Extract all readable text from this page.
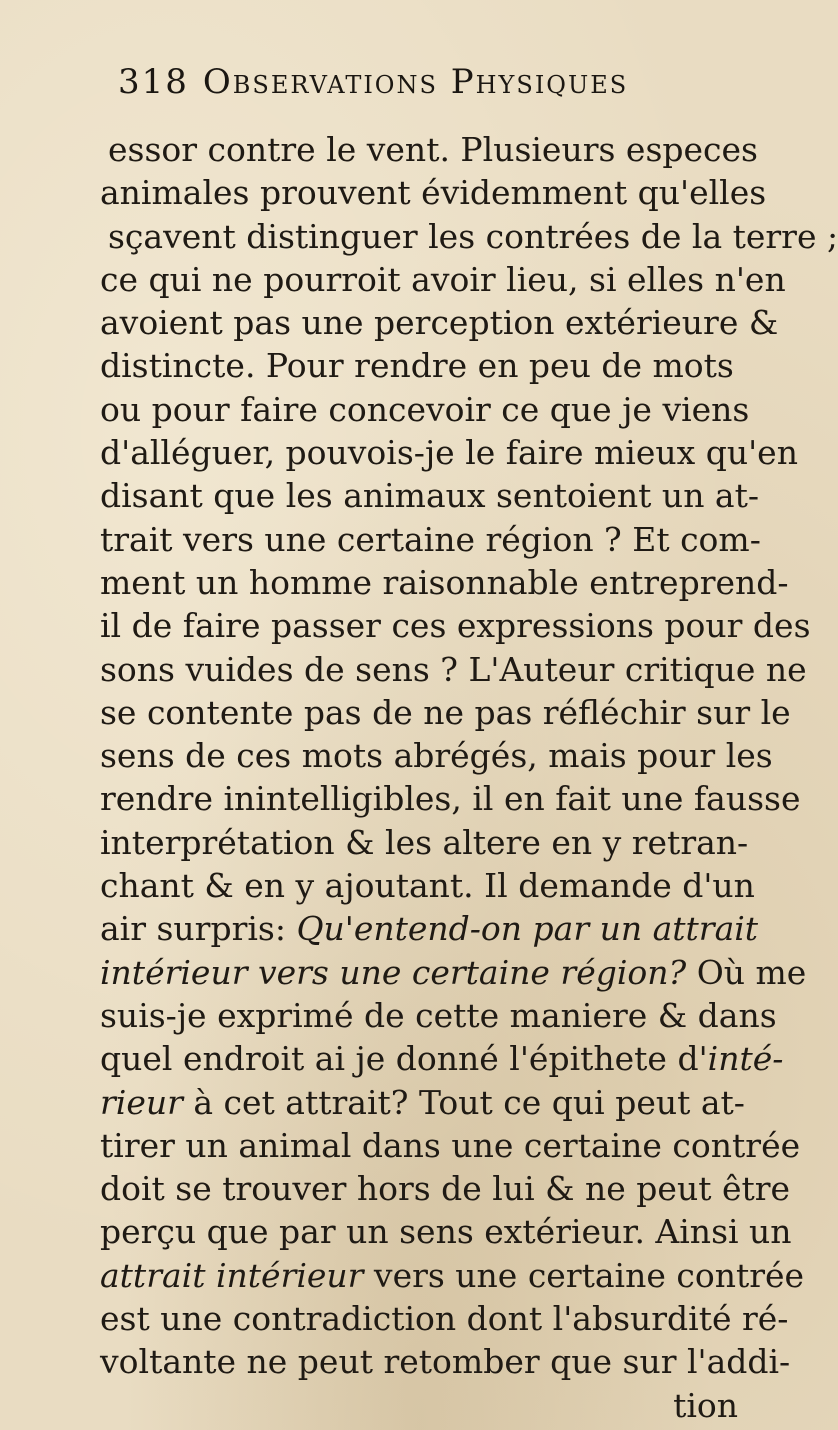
318 Observations Physiques
essor contre le vent. Plusieurs especes
animales prouvent évidemment qu'elles
sçavent distinguer les contrées de la terre ;
ce qui ne pourroit avoir lieu, si elles n'en
avoient pas une perception extérieure &
distincte. Pour rendre en peu de mots
ou pour faire concevoir ce que je viens
d'alléguer, pouvois-je le faire mieux qu'en
disant que les animaux sentoient un at-
trait vers une certaine région ? Et com-
ment un homme raisonnable entreprend-
il de faire passer ces expressions pour des
sons vuides de sens ? L'Auteur critique ne
se contente pas de ne pas réfléchir sur le
sens de ces mots abrégés, mais pour les
rendre inintelligibles, il en fait une fausse
interprétation & les altere en y retran-
chant & en y ajoutant. Il demande d'un
air surpris: Qu'entend-on par un attrait
intérieur vers une certaine région? Où me
suis-je exprimé de cette maniere & dans
quel endroit ai je donné l'épithete d'inté-
rieur à cet attrait? Tout ce qui peut at-
tirer un animal dans une certaine contrée
doit se trouver hors de lui & ne peut être
perçu que par un sens extérieur. Ainsi un
attrait intérieur vers une certaine contrée
est une contradiction dont l'absurdité ré-
voltante ne peut retomber que sur l'addi-
tion
